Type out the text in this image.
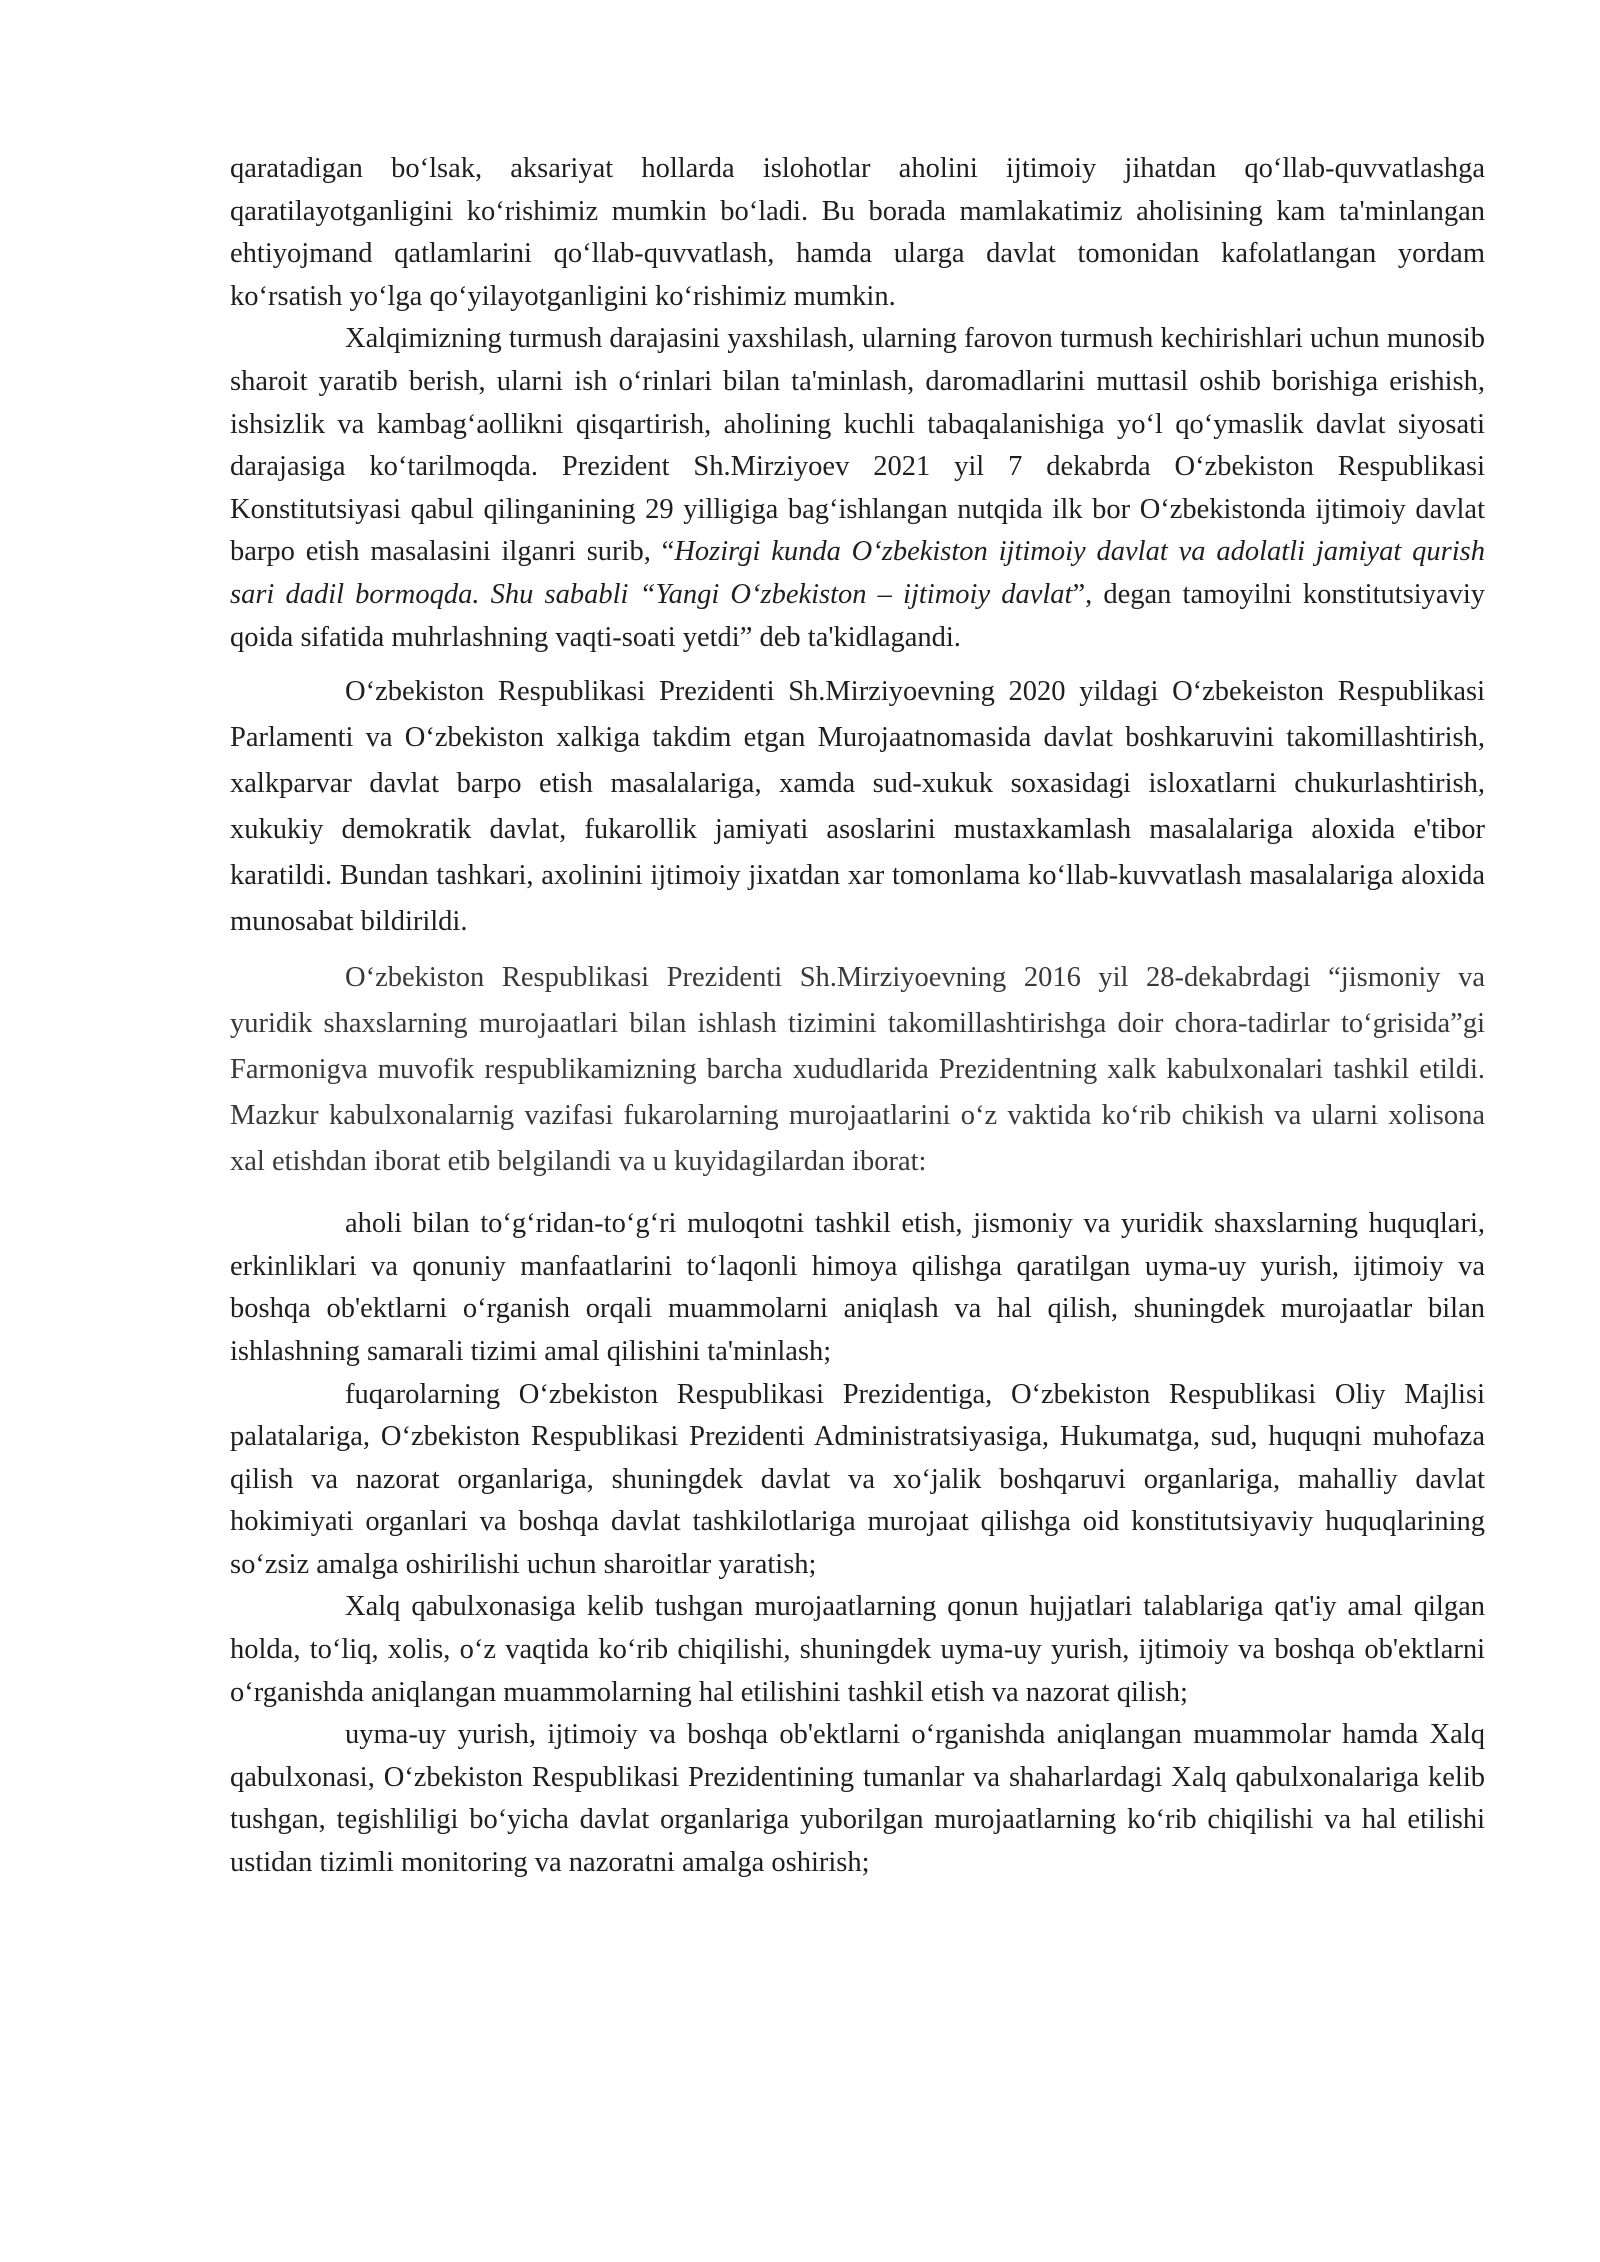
qaratadigan boʻlsak, aksariyat hollarda islohotlar aholini ijtimoiy jihatdan qoʻllab-quvvatlashga qaratilayotganligini koʻrishimiz mumkin boʻladi. Bu borada mamlakatimiz aholisining kam ta'minlangan ehtiyojmand qatlamlarini qoʻllab-quvvatlash, hamda ularga davlat tomonidan kafolatlangan yordam koʻrsatish yoʻlga qoʻyilayotganligini koʻrishimiz mumkin.

Xalqimizning turmush darajasini yaxshilash, ularning farovon turmush kechirishlari uchun munosib sharoit yaratib berish, ularni ish oʻrinlari bilan ta'minlash, daromadlarini muttasil oshib borishiga erishish, ishsizlik va kambagʻaollikni qisqartirish, aholining kuchli tabaqalanishiga yoʻl qoʻymaslik davlat siyosati darajasiga koʻtarilmoqda. Prezident Sh.Mirziyoev 2021 yil 7 dekabrda Oʻzbekiston Respublikasi Konstitutsiyasi qabul qilinganining 29 yilligiga bagʻishlangan nutqida ilk bor Oʻzbekistonda ijtimoiy davlat barpo etish masalasini ilganri surib, “Hozirgi kunda Oʻzbekiston ijtimoiy davlat va adolatli jamiyat qurish sari dadil bormoqda. Shu sababli “Yangi Oʻzbekiston – ijtimoiy davlat”, degan tamoyilni konstitutsiyaviy qoida sifatida muhrlashning vaqti-soati yetdi” deb ta'kidlagandi.

Oʻzbekiston Respublikasi Prezidenti Sh.Mirziyoevning 2020 yildagi Oʻzbekeiston Respublikasi Parlamenti va Oʻzbekiston xalkiga takdim etgan Murojaatnomasida davlat boshkaruvini takomillashtirish, xalkparvar davlat barpo etish masalalariga, xamda sud-xukuk soxasidagi isloxatlarni chukurlashtirish, xukukiy demokratik davlat, fukarollik jamiyati asoslarini mustaxkamlash masalalariga aloxida e'tibor karatildi. Bundan tashkari, axolinini ijtimoiy jixatdan xar tomonlama koʻllab-kuvvatlash masalalariga aloxida munosabat bildirildi.

Oʻzbekiston Respublikasi Prezidenti Sh.Mirziyoevning 2016 yil 28-dekabrdagi “jismoniy va yuridik shaxslarning murojaatlari bilan ishlash tizimini takomillashtirishga doir chora-tadirlar toʻgrisida”gi Farmonigva muvofik respublikamizning barcha xududlarida Prezidentning xalk kabulxonalari tashkil etildi. Mazkur kabulxonalarnig vazifasi fukarolarning murojaatlarini oʻz vaktida koʻrib chikish va ularni xolisona xal etishdan iborat etib belgilandi va u kuyidagilardan iborat:

aholi bilan toʻgʻridan-toʻgʻri muloqotni tashkil etish, jismoniy va yuridik shaxslarning huquqlari, erkinliklari va qonuniy manfaatlarini toʻlaqonli himoya qilishga qaratilgan uyma-uy yurish, ijtimoiy va boshqa ob'ektlarni oʻrganish orqali muammolarni aniqlash va hal qilish, shuningdek murojaatlar bilan ishlashning samarali tizimi amal qilishini ta'minlash;

fuqarolarning Oʻzbekiston Respublikasi Prezidentiga, Oʻzbekiston Respublikasi Oliy Majlisi palatalariga, Oʻzbekiston Respublikasi Prezidenti Administratsiyasiga, Hukumatga, sud, huquqni muhofaza qilish va nazorat organlariga, shuningdek davlat va xoʻjalik boshqaruvi organlariga, mahalliy davlat hokimiyati organlari va boshqa davlat tashkilotlariga murojaat qilishga oid konstitutsiyaviy huquqlarining soʻzsiz amalga oshirilishi uchun sharoitlar yaratish;

Xalq qabulxonasiga kelib tushgan murojaatlarning qonun hujjatlari talablariga qat'iy amal qilgan holda, toʻliq, xolis, oʻz vaqtida koʻrib chiqilishi, shuningdek uyma-uy yurish, ijtimoiy va boshqa ob'ektlarni oʻrganishda aniqlangan muammolarning hal etilishini tashkil etish va nazorat qilish;

uyma-uy yurish, ijtimoiy va boshqa ob'ektlarni oʻrganishda aniqlangan muammolar hamda Xalq qabulxonasi, Oʻzbekiston Respublikasi Prezidentining tumanlar va shaharlardagi Xalq qabulxonalariga kelib tushgan, tegishliligi boʻyicha davlat organlariga yuborilgan murojaatlarning koʻrib chiqilishi va hal etilishi ustidan tizimli monitoring va nazoratni amalga oshirish;
